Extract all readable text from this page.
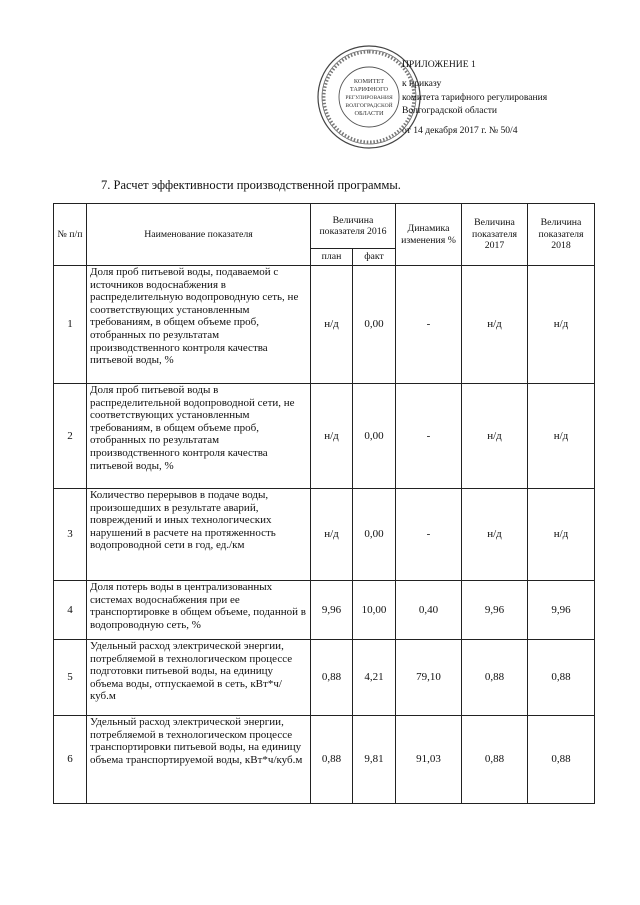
КОМИТЕТ
ТАРИФНОГО
РЕГУЛИРОВАНИЯ
ВОЛГОГРАДСКОЙ
ОБЛАСТИ
ПРИЛОЖЕНИЕ 1
к приказу
комитета тарифного регулирования
Волгоградской области
от 14 декабря 2017 г. № 50/4
7. Расчет эффективности производственной программы.
№ п/п	Наименование показателя	Величина показателя 2016		Динамика изменения %	Величина показателя 2017	Величина показателя 2018
		план	факт			
1	Доля проб питьевой воды, подаваемой с источников водоснабжения в распределительную водопроводную сеть, не соответствующих установленным требованиям, в общем объеме проб, отобранных по результатам производственного контроля качества питьевой воды, %	н/д	0,00	-	н/д	н/д
2	Доля проб питьевой воды в распределительной водопроводной сети, не соответствующих установленным требованиям, в общем объеме проб, отобранных по результатам производственного контроля качества питьевой воды, %	н/д	0,00	-	н/д	н/д
3	Количество перерывов в подаче воды, произошедших в результате аварий, повреждений и иных технологических нарушений в расчете на протяженность водопроводной сети в год, ед./км	н/д	0,00	-	н/д	н/д
4	Доля потерь воды в централизованных системах водоснабжения при ее транспортировке в общем объеме, поданной в водопроводную сеть, %	9,96	10,00	0,40	9,96	9,96
5	Удельный расход электрической энергии, потребляемой в технологическом процессе подготовки питьевой воды, на единицу объема воды, отпускаемой в сеть, кВт*ч/куб.м	0,88	4,21	79,10	0,88	0,88
6	Удельный расход электрической энергии, потребляемой в технологическом процессе транспортировки питьевой воды, на единицу объема транспортируемой воды, кВт*ч/куб.м	0,88	9,81	91,03	0,88	0,88
